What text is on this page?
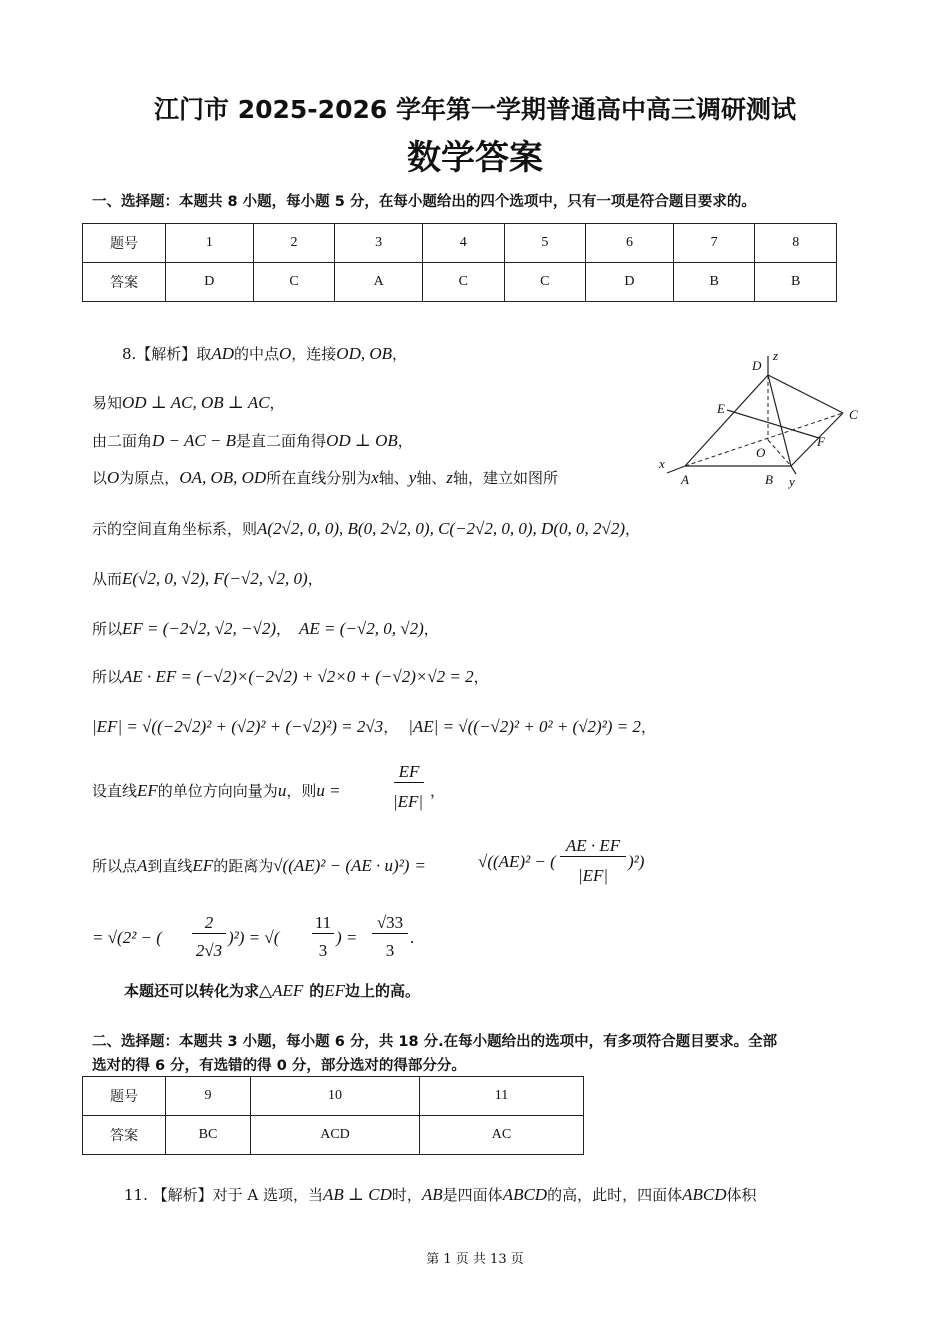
江门市 2025-2026 学年第一学期普通高中高三调研测试
数学答案
一、选择题：本题共 8 小题，每小题 5 分，在每小题给出的四个选项中，只有一项是符合题目要求的。
题号	1	2	3	4	5	6	7	8
答案	D	C	A	C	C	D	B	B
8.【解析】取AD的中点O，连接OD, OB，
易知OD ⊥ AC, OB ⊥ AC，
由二面角D − AC − B是直二面角得OD ⊥ OB，
以O为原点，OA, OB, OD所在直线分别为x轴、y轴、z轴，建立如图所
D
z
E	C
F
O
x
A	B y
示的空间直角坐标系，则A(2√2, 0, 0), B(0, 2√2, 0), C(−2√2, 0, 0), D(0, 0, 2√2)，
从而E(√2, 0, √2), F(−√2, √2, 0)，
所以EF = (−2√2, √2, −√2)， AE = (−√2, 0, √2)，
所以AE · EF = (−√2)×(−2√2) + √2×0 + (−√2)×√2 = 2，
|EF| = √((−2√2)² + (√2)² + (−√2)²) = 2√3， |AE| = √((−√2)² + 0² + (√2)²) = 2，
设直线EF的单位方向向量为u，则u =
EF
|EF|
，
所以点A到直线EF的距离为√((AE)² − (AE · u)²) =	√((AE)² − (
AE · EF
|EF|
)²)
= √(2² − (
2
2√3
)²) = √(
11
3
) =
√33
3
.
本题还可以转化为求△AEF 的EF边上的高。
二、选择题：本题共 3 小题，每小题 6 分，共 18 分.在每小题给出的选项中，有多项符合题目要求。全部
选对的得 6 分，有选错的得 0 分，部分选对的得部分分。
题号	9	10	11
答案	BC	ACD	AC
11. 【解析】对于 A 选项，当AB ⊥ CD时，AB是四面体ABCD的高，此时，四面体ABCD体积
第 1 页 共 13 页
